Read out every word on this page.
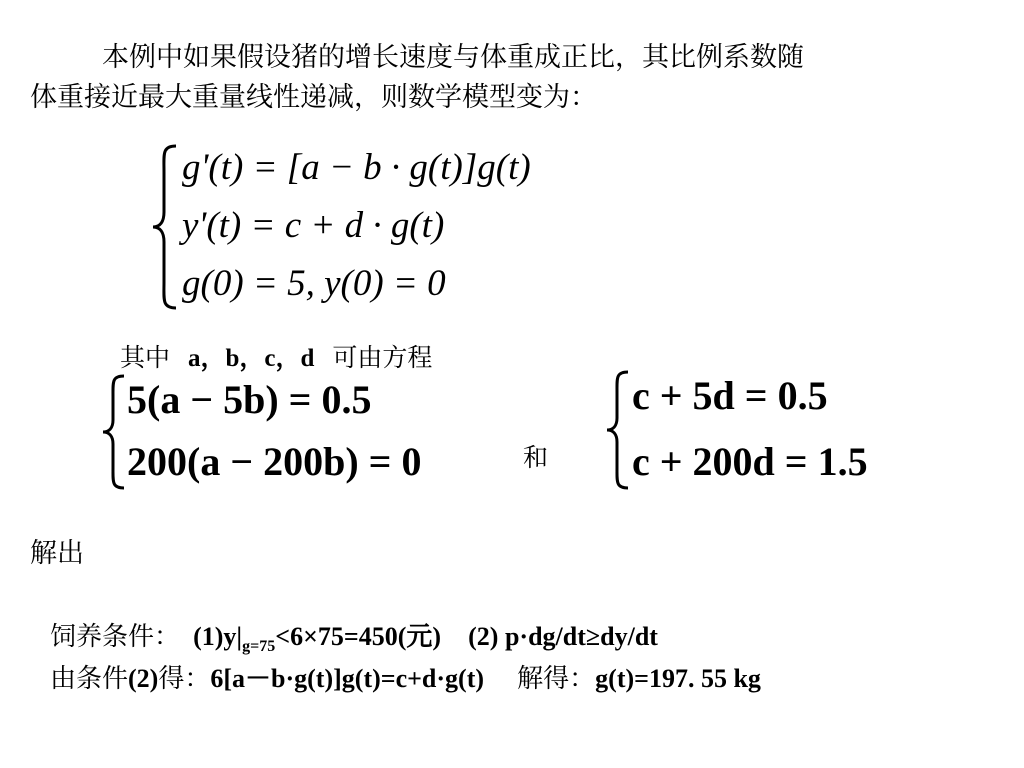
本例中如果假设猪的增长速度与体重成正比，其比例系数随
体重接近最大重量线性递减，则数学模型变为：
g'(t) = [a − b · g(t)]g(t)
y'(t) = c + d · g(t)
g(0) = 5, y(0) = 0
其中 a，b，c，d 可由方程
5(a − 5b) = 0.5
200(a − 200b) = 0	和
c + 5d = 0.5
c + 200d = 1.5
解出
饲养条件： $(1)y|_{g=75}<6\times 75=450$(元) (2) p·dg/dt≥dy/dt
由条件(2)得：6[a－b·g(t)]g(t)=c+d·g(t) 解得：g(t)=197. 55 kg
